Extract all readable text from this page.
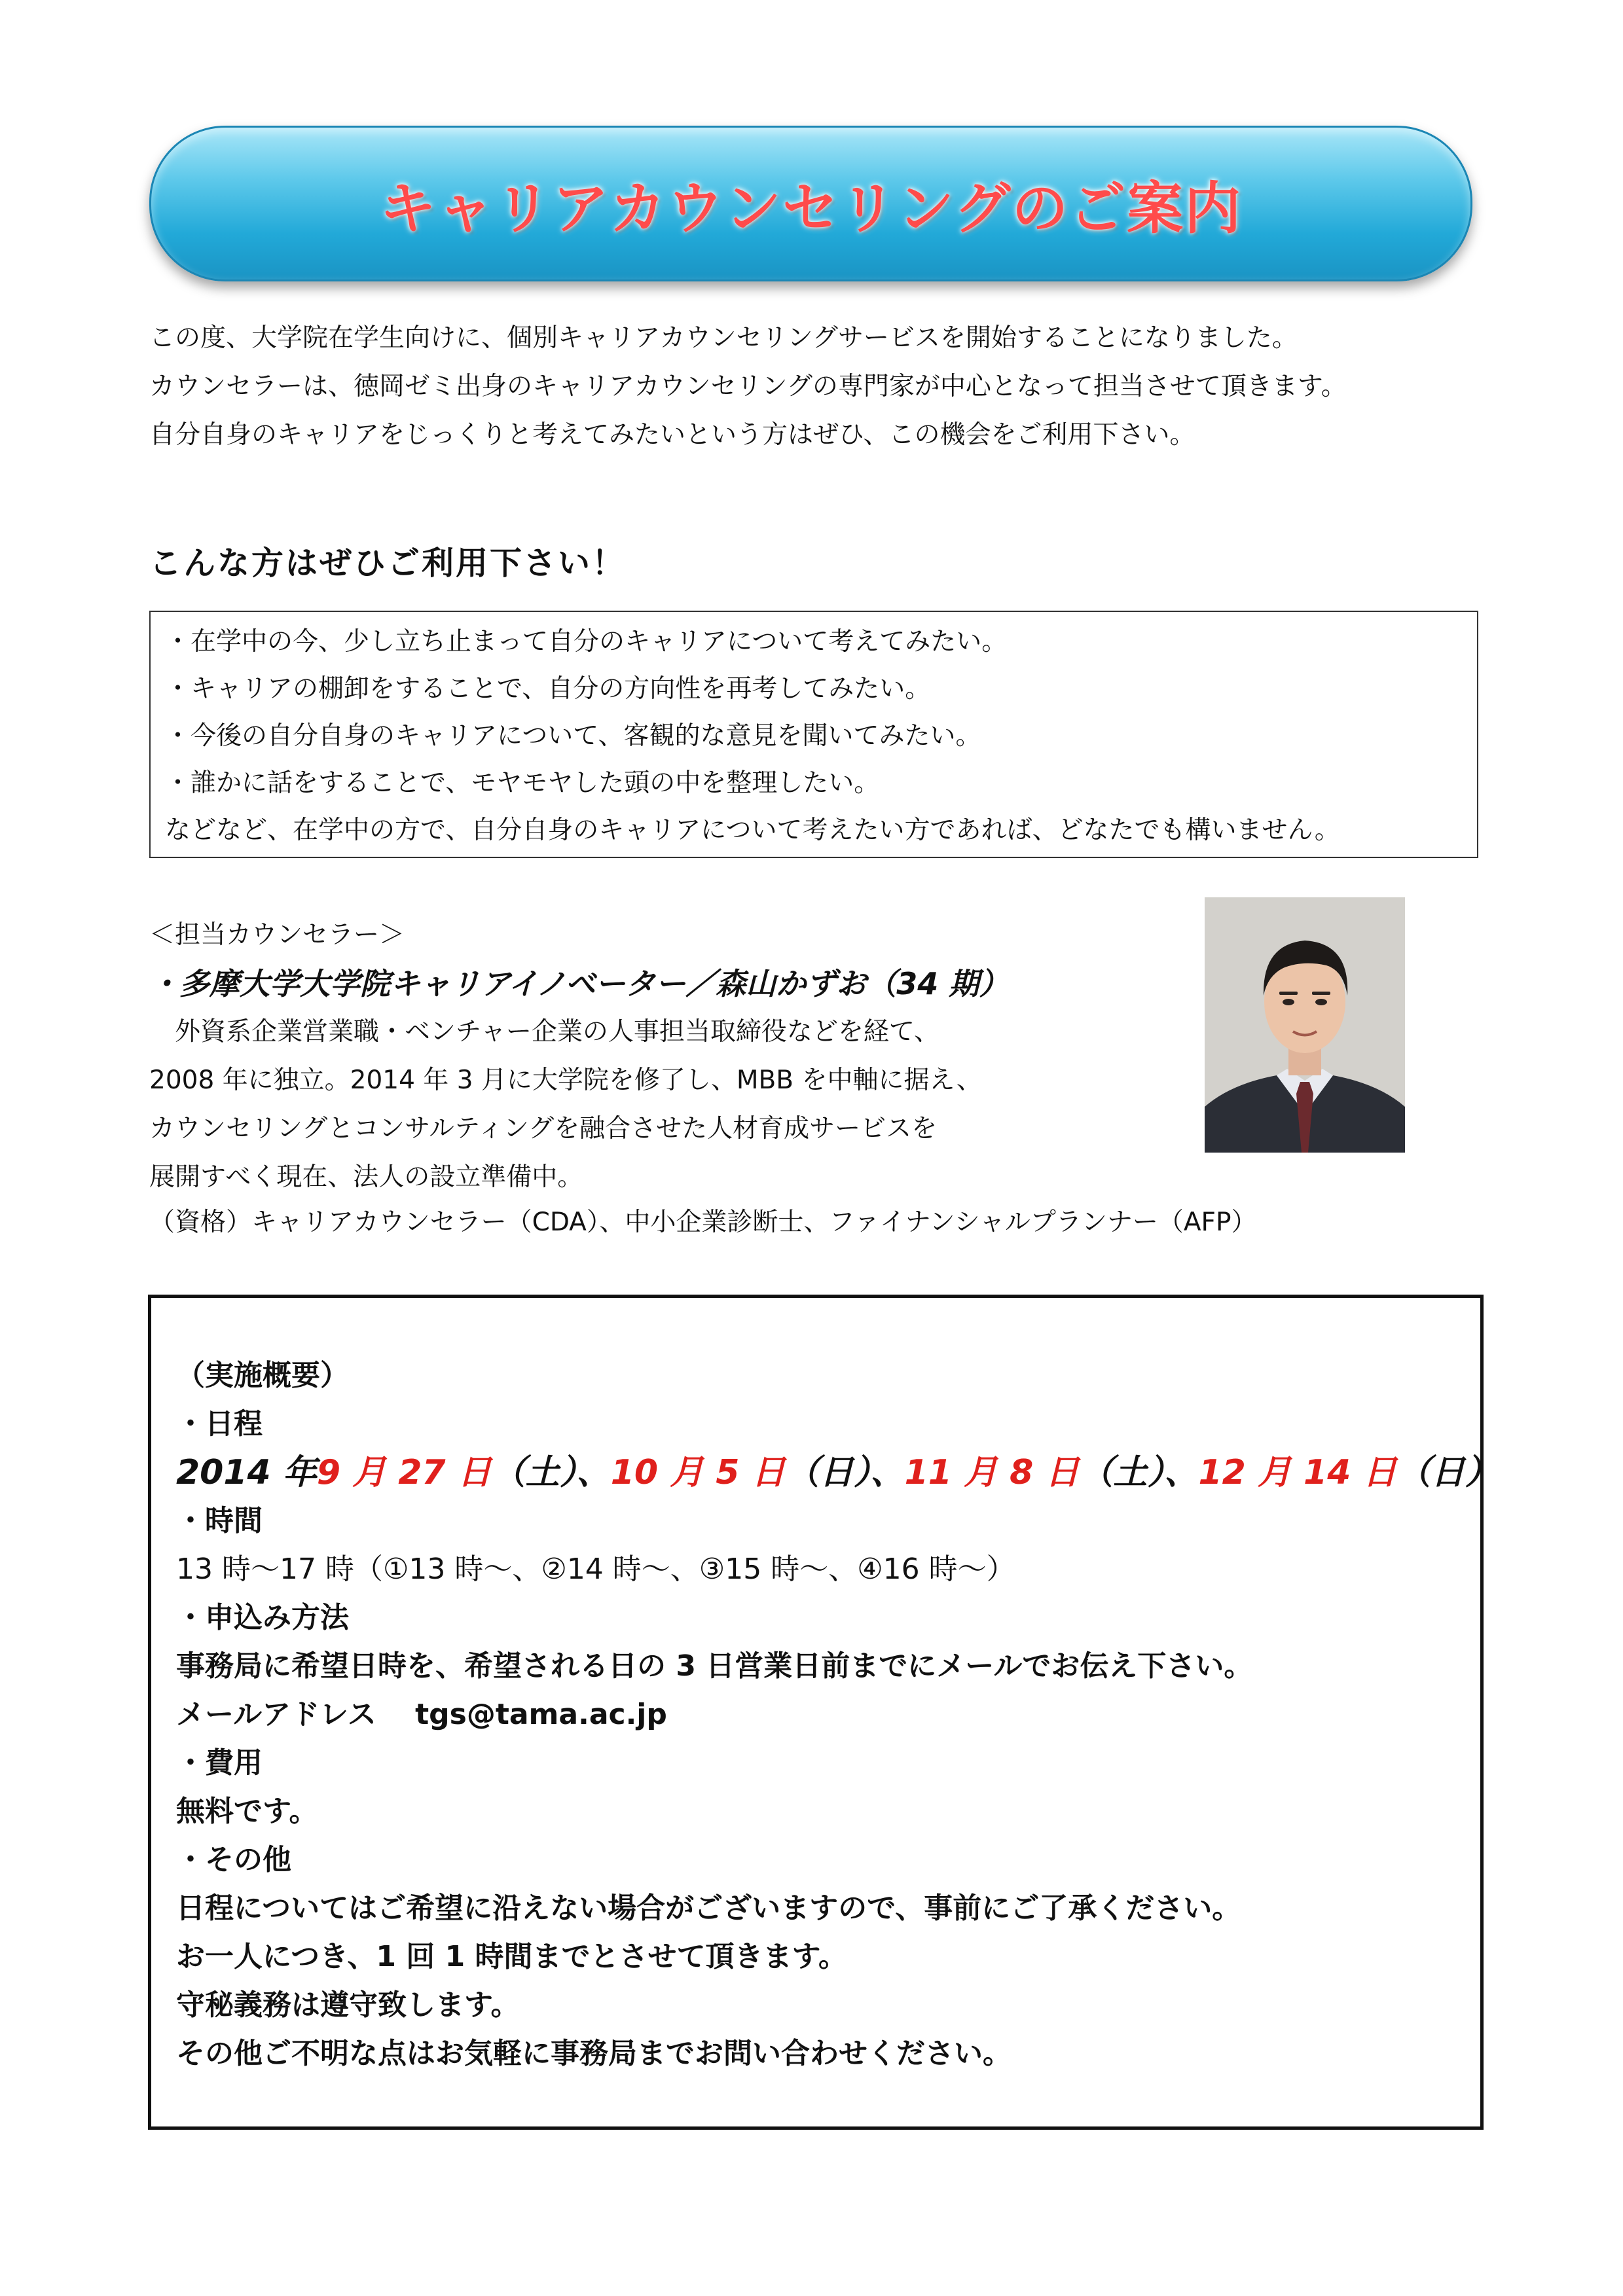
キャリアカウンセリングのご案内
この度、大学院在学生向けに、個別キャリアカウンセリングサービスを開始することになりました。
カウンセラーは、徳岡ゼミ出身のキャリアカウンセリングの専門家が中心となって担当させて頂きます。
自分自身のキャリアをじっくりと考えてみたいという方はぜひ、この機会をご利用下さい。
こんな方はぜひご利用下さい！
・在学中の今、少し立ち止まって自分のキャリアについて考えてみたい。
・キャリアの棚卸をすることで、自分の方向性を再考してみたい。
・今後の自分自身のキャリアについて、客観的な意見を聞いてみたい。
・誰かに話をすることで、モヤモヤした頭の中を整理したい。
などなど、在学中の方で、自分自身のキャリアについて考えたい方であれば、どなたでも構いません。
＜担当カウンセラー＞
・多摩大学大学院キャリアイノベーター／森山かずお（34 期）
　外資系企業営業職・ベンチャー企業の人事担当取締役などを経て、
2008 年に独立。2014 年 3 月に大学院を修了し、MBB を中軸に据え、
カウンセリングとコンサルティングを融合させた人材育成サービスを
展開すべく現在、法人の設立準備中。
（資格）キャリアカウンセラー（CDA）、中小企業診断士、ファイナンシャルプランナー（AFP）
（実施概要）
・日程
2014 年9 月 27 日（土）、10 月 5 日（日）、11 月 8 日（土）、12 月 14 日（日）
・時間
13 時～17 時（①13 時～、②14 時～、③15 時～、④16 時～）
・申込み方法
事務局に希望日時を、希望される日の 3 日営業日前までにメールでお伝え下さい。
メールアドレス　 tgs@tama.ac.jp
・費用
無料です。
・その他
日程についてはご希望に沿えない場合がございますので、事前にご了承ください。
お一人につき、1 回 1 時間までとさせて頂きます。
守秘義務は遵守致します。
その他ご不明な点はお気軽に事務局までお問い合わせください。
